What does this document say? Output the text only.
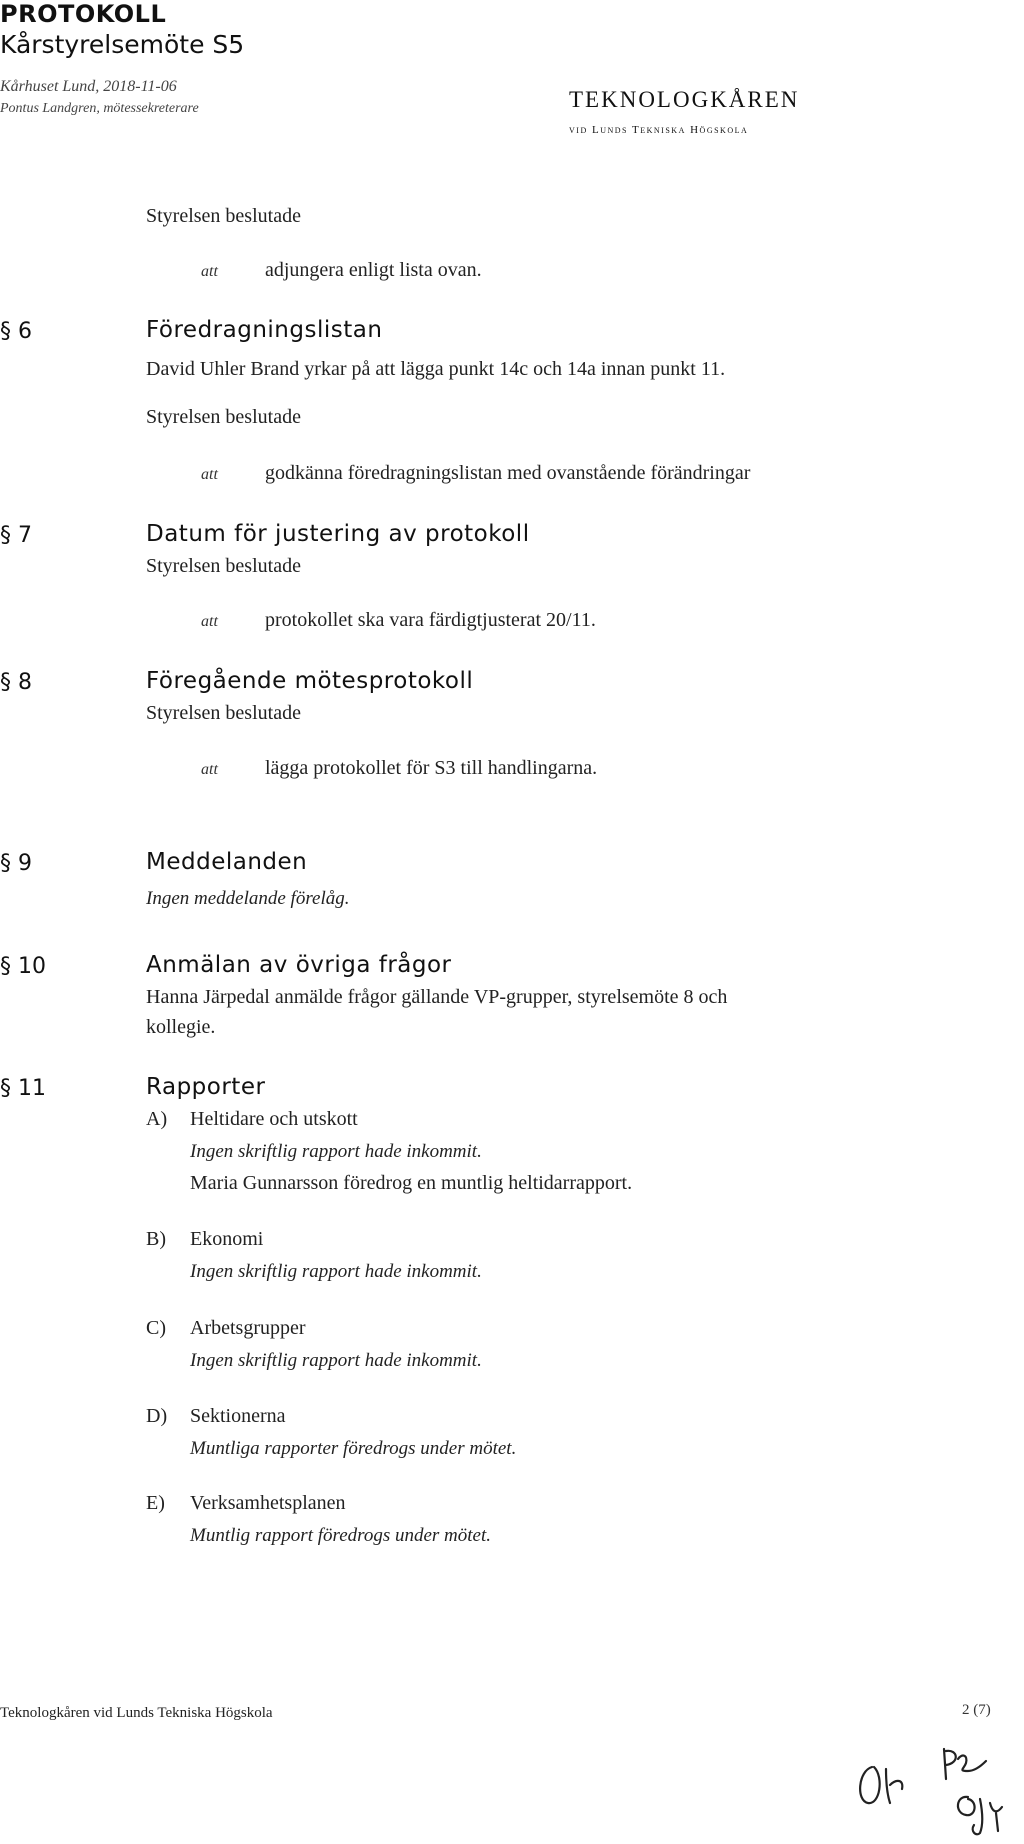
PROTOKOLL
Kårstyrelsemöte S5
Kårhuset Lund, 2018-11-06
Pontus Landgren, mötessekreterare	TEKNOLOGKÅREN
vid Lunds Tekniska Högskola
Styrelsen beslutade
att adjungera enligt lista ovan.
§ 6	Föredragningslistan
David Uhler Brand yrkar på att lägga punkt 14c och 14a innan punkt 11.
Styrelsen beslutade
att godkänna föredragningslistan med ovanstående förändringar
§ 7	Datum för justering av protokoll
Styrelsen beslutade
att protokollet ska vara färdigtjusterat 20/11.
§ 8	Föregående mötesprotokoll
Styrelsen beslutade
att lägga protokollet för S3 till handlingarna.
§ 9	Meddelanden
Ingen meddelande förelåg.
§ 10	Anmälan av övriga frågor
Hanna Järpedal anmälde frågor gällande VP-grupper, styrelsemöte 8 och
kollegie.
§ 11	Rapporter
A) Heltidare och utskott
Ingen skriftlig rapport hade inkommit.
Maria Gunnarsson föredrog en muntlig heltidarrapport.
B) Ekonomi
Ingen skriftlig rapport hade inkommit.
C) Arbetsgrupper
Ingen skriftlig rapport hade inkommit.
D) Sektionerna
Muntliga rapporter föredrogs under mötet.
E) Verksamhetsplanen
Muntlig rapport föredrogs under mötet.
Teknologkåren vid Lunds Tekniska Högskola	2 (7)
